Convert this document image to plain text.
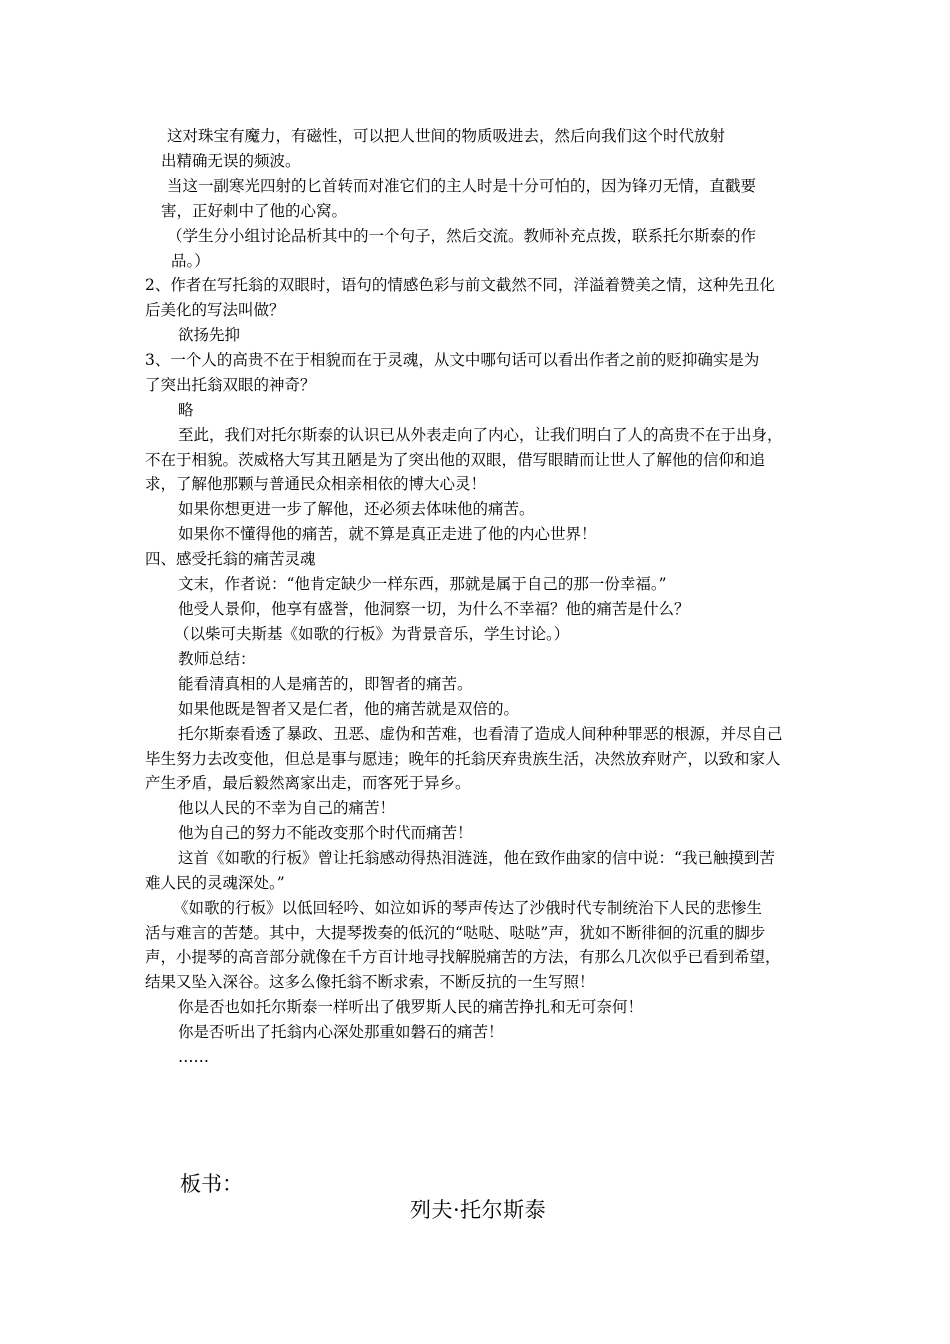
这对珠宝有魔力，有磁性，可以把人世间的物质吸进去，然后向我们这个时代放射
出精确无误的频波。
当这一副寒光四射的匕首转而对准它们的主人时是十分可怕的，因为锋刃无情，直戳要
害，正好刺中了他的心窝。
（学生分小组讨论品析其中的一个句子，然后交流。教师补充点拨，联系托尔斯泰的作
品。）
2、作者在写托翁的双眼时，语句的情感色彩与前文截然不同，洋溢着赞美之情，这种先丑化
后美化的写法叫做？
欲扬先抑
3、一个人的高贵不在于相貌而在于灵魂，从文中哪句话可以看出作者之前的贬抑确实是为
了突出托翁双眼的神奇？
略
至此，我们对托尔斯泰的认识已从外表走向了内心，让我们明白了人的高贵不在于出身，
不在于相貌。茨威格大写其丑陋是为了突出他的双眼，借写眼睛而让世人了解他的信仰和追
求，了解他那颗与普通民众相亲相依的博大心灵！
如果你想更进一步了解他，还必须去体味他的痛苦。
如果你不懂得他的痛苦，就不算是真正走进了他的内心世界！
四、感受托翁的痛苦灵魂
文末，作者说：“他肯定缺少一样东西，那就是属于自己的那一份幸福。”
他受人景仰，他享有盛誉，他洞察一切，为什么不幸福？他的痛苦是什么？
（以柴可夫斯基《如歌的行板》为背景音乐，学生讨论。）
教师总结：
能看清真相的人是痛苦的，即智者的痛苦。
如果他既是智者又是仁者，他的痛苦就是双倍的。
托尔斯泰看透了暴政、丑恶、虚伪和苦难，也看清了造成人间种种罪恶的根源，并尽自己
毕生努力去改变他，但总是事与愿违；晚年的托翁厌弃贵族生活，决然放弃财产，以致和家人
产生矛盾，最后毅然离家出走，而客死于异乡。
他以人民的不幸为自己的痛苦！
他为自己的努力不能改变那个时代而痛苦！
这首《如歌的行板》曾让托翁感动得热泪涟涟，他在致作曲家的信中说：“我已触摸到苦
难人民的灵魂深处。”
《如歌的行板》以低回轻吟、如泣如诉的琴声传达了沙俄时代专制统治下人民的悲惨生
活与难言的苦楚。其中，大提琴拨奏的低沉的“哒哒、哒哒”声，犹如不断徘徊的沉重的脚步
声，小提琴的高音部分就像在千方百计地寻找解脱痛苦的方法，有那么几次似乎已看到希望，
结果又坠入深谷。这多么像托翁不断求索，不断反抗的一生写照！
你是否也如托尔斯泰一样听出了俄罗斯人民的痛苦挣扎和无可奈何！
你是否听出了托翁内心深处那重如磐石的痛苦！
……
板书：
列夫·托尔斯泰
